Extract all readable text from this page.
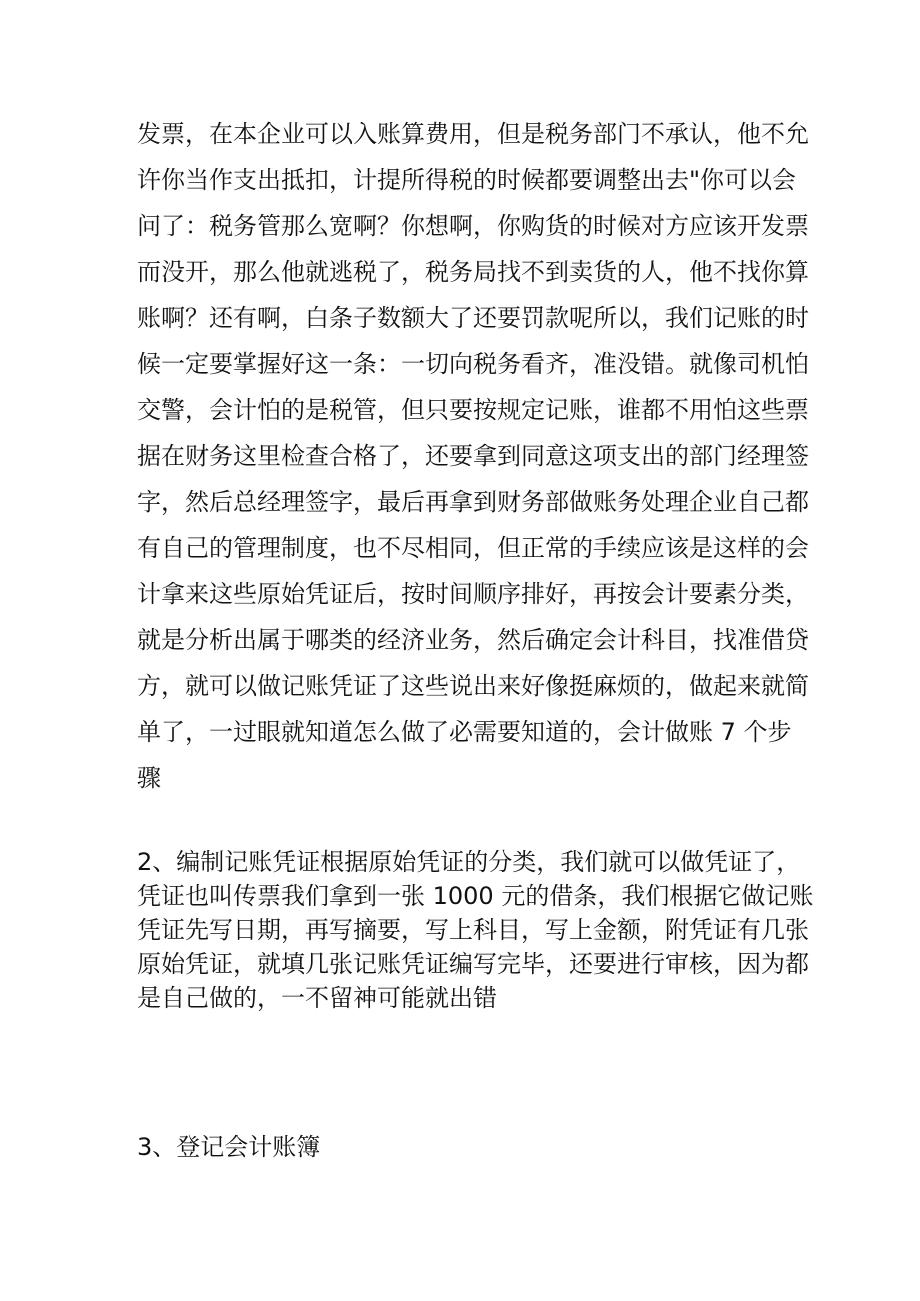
发票，在本企业可以入账算费用，但是税务部门不承认，他不允
许你当作支出抵扣，计提所得税的时候都要调整出去"你可以会
问了：税务管那么宽啊？你想啊，你购货的时候对方应该开发票
而没开，那么他就逃税了，税务局找不到卖货的人，他不找你算
账啊？还有啊，白条子数额大了还要罚款呢所以，我们记账的时
候一定要掌握好这一条：一切向税务看齐，准没错。就像司机怕
交警，会计怕的是税管，但只要按规定记账，谁都不用怕这些票
据在财务这里检查合格了，还要拿到同意这项支出的部门经理签
字，然后总经理签字，最后再拿到财务部做账务处理企业自己都
有自己的管理制度，也不尽相同，但正常的手续应该是这样的会
计拿来这些原始凭证后，按时间顺序排好，再按会计要素分类，
就是分析出属于哪类的经济业务，然后确定会计科目，找准借贷
方，就可以做记账凭证了这些说出来好像挺麻烦的，做起来就简
单了，一过眼就知道怎么做了必需要知道的，会计做账 7 个步
骤
2、编制记账凭证根据原始凭证的分类，我们就可以做凭证了，
凭证也叫传票我们拿到一张 1000 元的借条，我们根据它做记账
凭证先写日期，再写摘要，写上科目，写上金额，附凭证有几张
原始凭证，就填几张记账凭证编写完毕，还要进行审核，因为都
是自己做的，一不留神可能就出错
3、登记会计账簿
